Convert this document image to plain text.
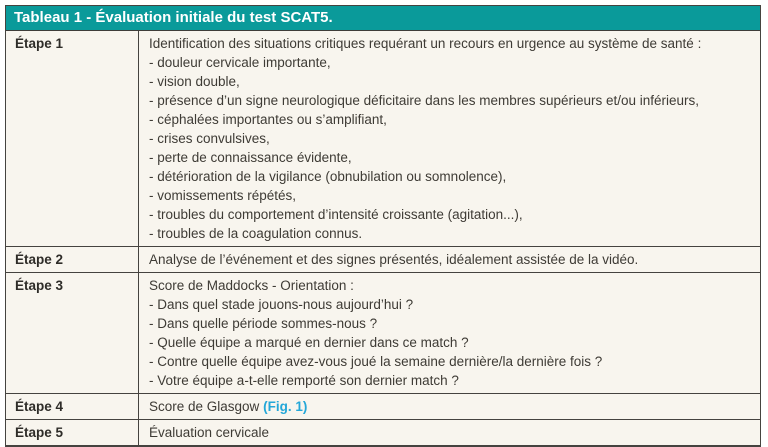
Tableau 1 - Évaluation initiale du test SCAT5.
Étape 1	Identification des situations critiques requérant un recours en urgence au système de santé :
- douleur cervicale importante,
- vision double,
- présence d’un signe neurologique déficitaire dans les membres supérieurs et/ou inférieurs,
- céphalées importantes ou s’amplifiant,
- crises convulsives,
- perte de connaissance évidente,
- détérioration de la vigilance (obnubilation ou somnolence),
- vomissements répétés,
- troubles du comportement d’intensité croissante (agitation...),
- troubles de la coagulation connus.
Étape 2	Analyse de l’événement et des signes présentés, idéalement assistée de la vidéo.
Étape 3	Score de Maddocks - Orientation :
- Dans quel stade jouons-nous aujourd’hui ?
- Dans quelle période sommes-nous ?
- Quelle équipe a marqué en dernier dans ce match ?
- Contre quelle équipe avez-vous joué la semaine dernière/la dernière fois ?
- Votre équipe a-t-elle remporté son dernier match ?
Étape 4	Score de Glasgow (Fig. 1)
Étape 5	Évaluation cervicale
